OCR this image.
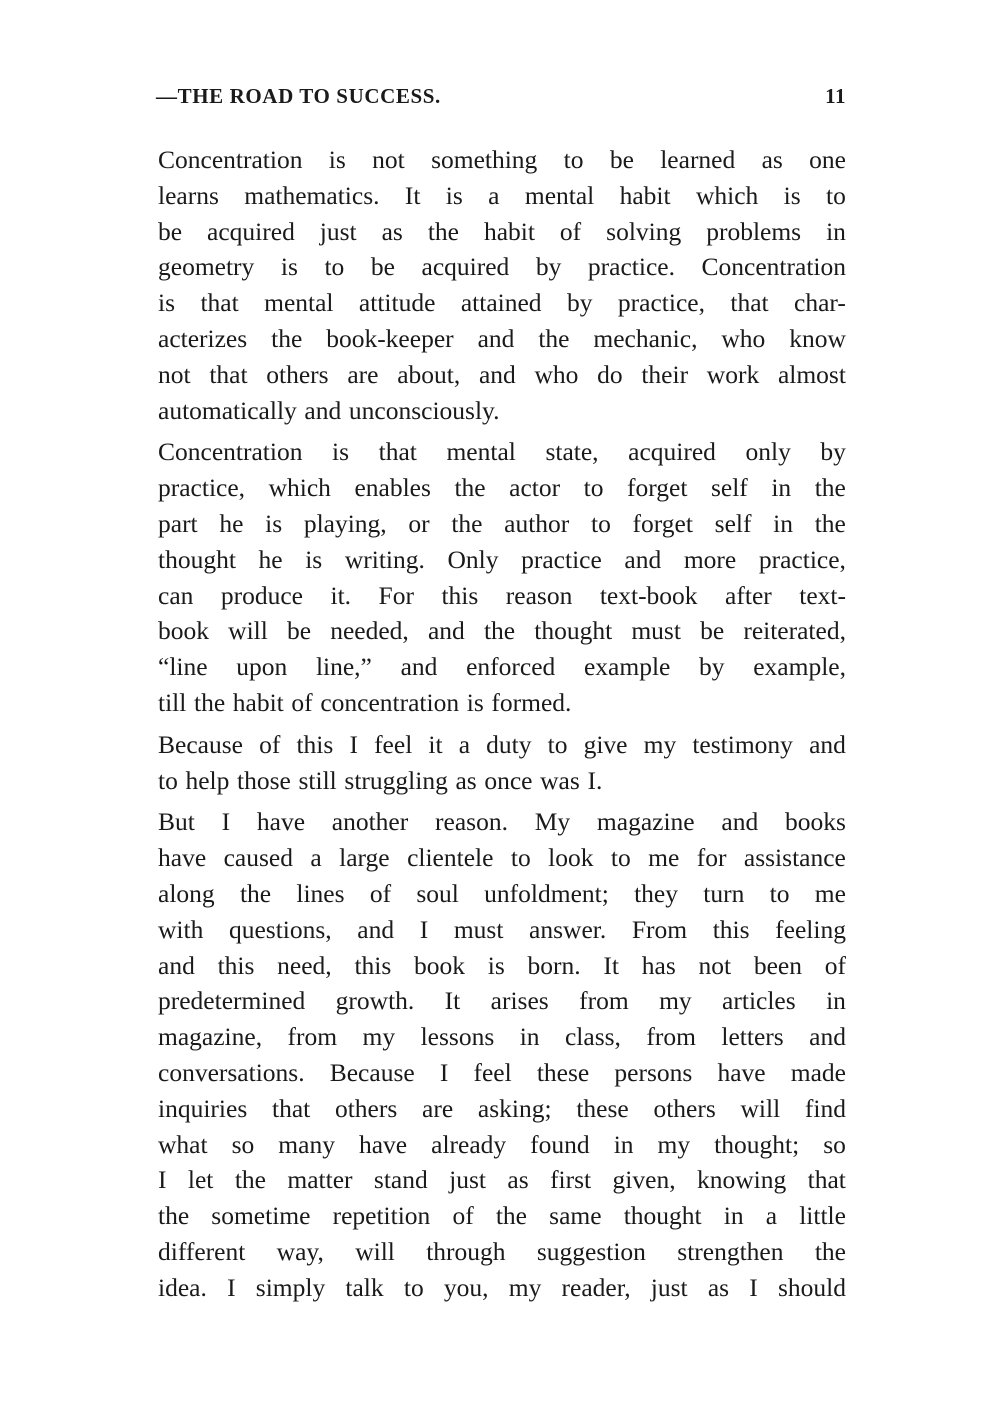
—THE ROAD TO SUCCESS.	11
Concentration is not something to be learned as one
learns mathematics. It is a mental habit which is to
be acquired just as the habit of solving problems in
geometry is to be acquired by practice. Concentration
is that mental attitude attained by practice, that char-
acterizes the book-keeper and the mechanic, who know
not that others are about, and who do their work almost
automatically and unconsciously.
Concentration is that mental state, acquired only by
practice, which enables the actor to forget self in the
part he is playing, or the author to forget self in the
thought he is writing. Only practice and more practice,
can produce it. For this reason text-book after text-
book will be needed, and the thought must be reiterated,
“line upon line,” and enforced example by example,
till the habit of concentration is formed.
Because of this I feel it a duty to give my testimony and
to help those still struggling as once was I.
But I have another reason. My magazine and books
have caused a large clientele to look to me for assistance
along the lines of soul unfoldment; they turn to me
with questions, and I must answer. From this feeling
and this need, this book is born. It has not been of
predetermined growth. It arises from my articles in
magazine, from my lessons in class, from letters and
conversations. Because I feel these persons have made
inquiries that others are asking; these others will find
what so many have already found in my thought; so
I let the matter stand just as first given, knowing that
the sometime repetition of the same thought in a little
different way, will through suggestion strengthen the
idea. I simply talk to you, my reader, just as I should
